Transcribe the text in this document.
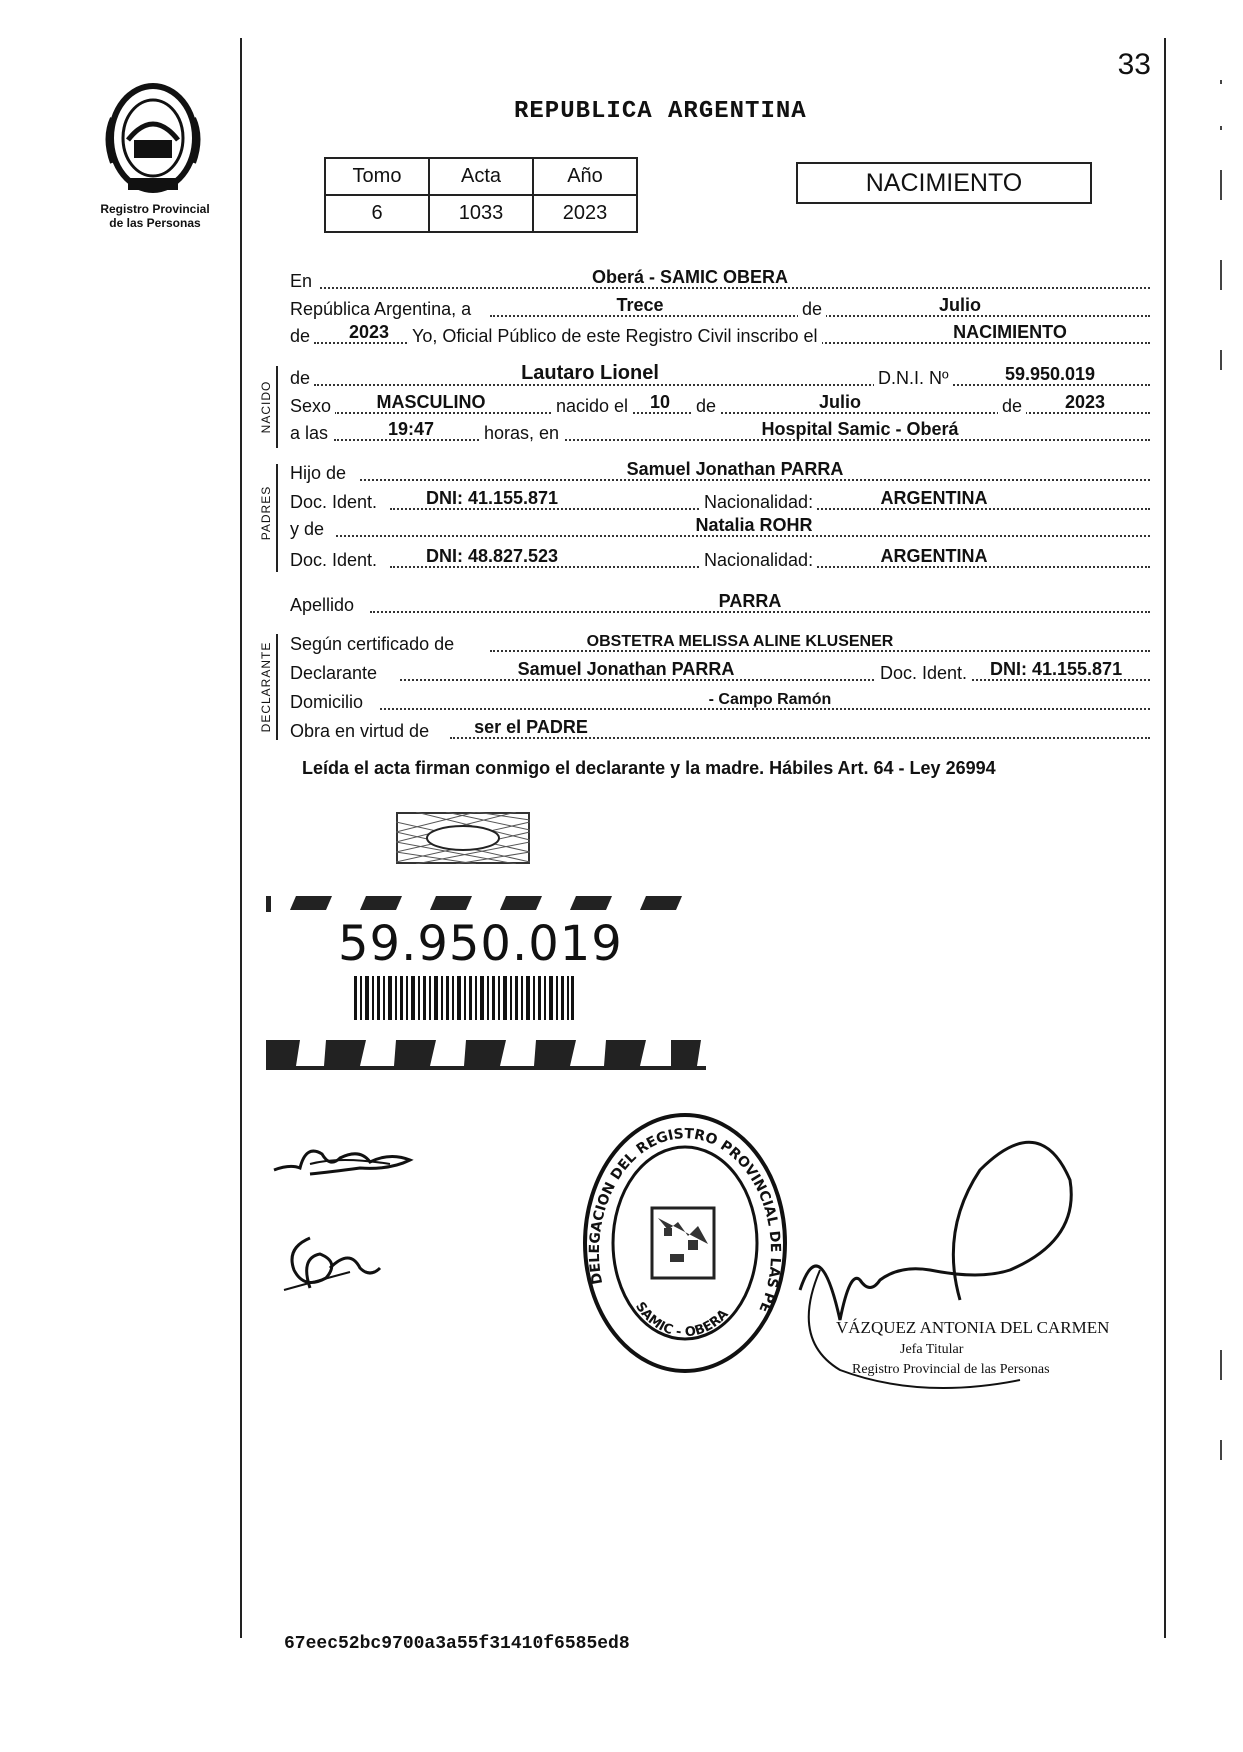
33
Registro Provincial
de las Personas
REPUBLICA ARGENTINA
Tomo	Acta	Año
6	1033	2023
NACIMIENTO
En	Oberá - SAMIC OBERA
República Argentina, a	Trece	de	Julio
de	2023	Yo, Oficial Público de este Registro Civil inscribo el	NACIMIENTO
NACIDO
de	Lautaro Lionel	D.N.I. Nº	59.950.019
Sexo	MASCULINO	nacido el	10	de	Julio	de	2023
a las	19:47	horas, en	Hospital Samic - Oberá
PADRES
Hijo de	Samuel Jonathan PARRA
Doc. Ident.	DNI: 41.155.871	Nacionalidad:	ARGENTINA
y de	Natalia ROHR
Doc. Ident.	DNI: 48.827.523	Nacionalidad:	ARGENTINA
Apellido	PARRA
DECLARANTE Según certificado de	OBSTETRA MELISSA ALINE KLUSENER
Declarante	Samuel Jonathan PARRA	Doc. Ident. DNI: 41.155.871
Domicilio	- Campo Ramón
Obra en virtud de	ser el PADRE
Leída el acta firman conmigo el declarante y la madre. Hábiles Art. 64 - Ley 26994
59.950.019
DELEGACION DEL REGISTRO PROVINCIAL DE LAS PE
SAMIC - OBERA
VÁZQUEZ ANTONIA DEL CARMEN
Jefa Titular
Registro Provincial de las Personas
67eec52bc9700a3a55f31410f6585ed8
